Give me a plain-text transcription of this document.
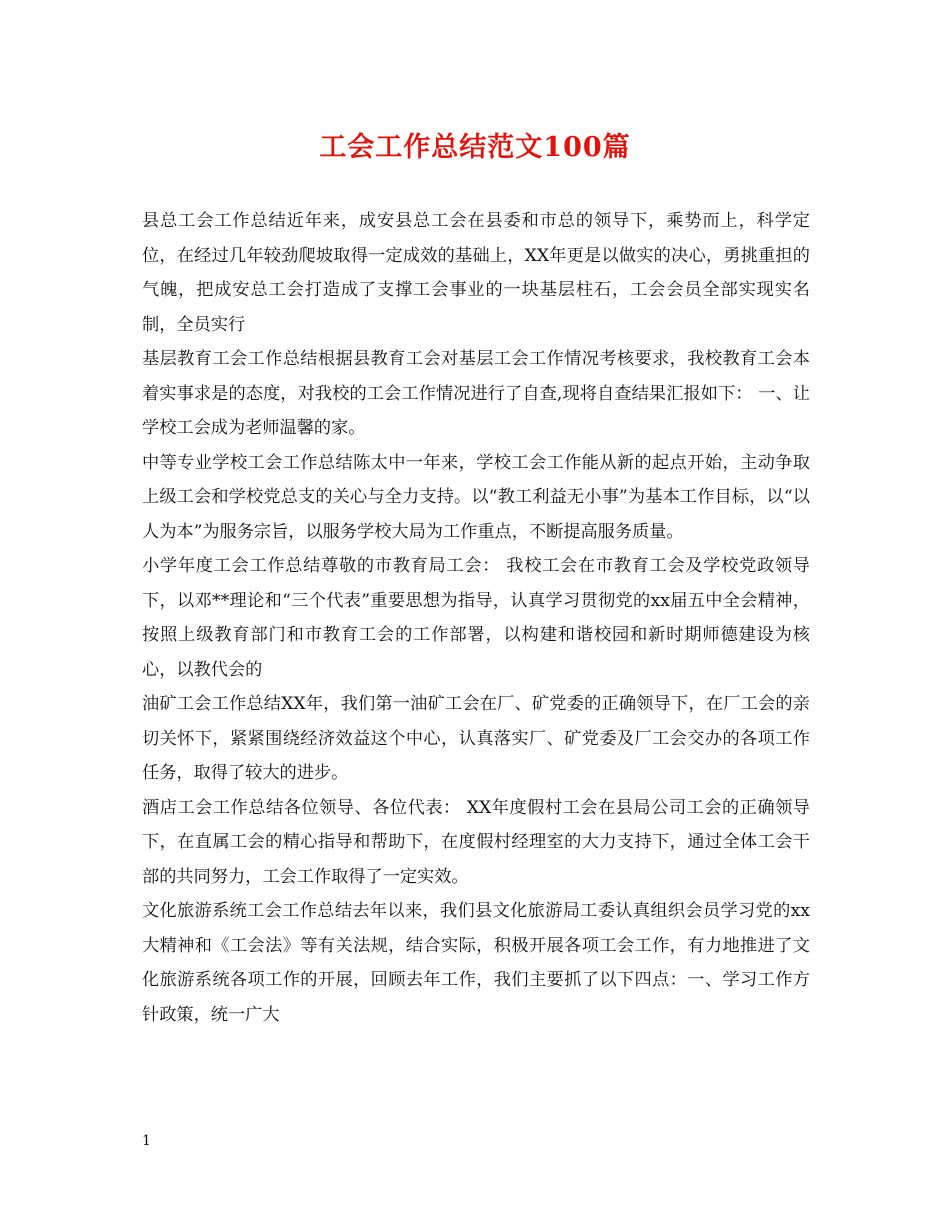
工会工作总结范文100篇

县总工会工作总结近年来，成安县总工会在县委和市总的领导下，乘势而上，科学定位，在经过几年较劲爬坡取得一定成效的基础上，XX年更是以做实的决心，勇挑重担的气魄，把成安总工会打造成了支撑工会事业的一块基层柱石，工会会员全部实现实名制，全员实行

基层教育工会工作总结根据县教育工会对基层工会工作情况考核要求，我校教育工会本着实事求是的态度，对我校的工会工作情况进行了自查,现将自查结果汇报如下： 一、让学校工会成为老师温馨的家。

中等专业学校工会工作总结陈太中一年来，学校工会工作能从新的起点开始，主动争取上级工会和学校党总支的关心与全力支持。以“教工利益无小事”为基本工作目标，以“以人为本”为服务宗旨，以服务学校大局为工作重点，不断提高服务质量。

小学年度工会工作总结尊敬的市教育局工会： 我校工会在市教育工会及学校党政领导下，以邓**理论和“三个代表”重要思想为指导，认真学习贯彻党的xx届五中全会精神，按照上级教育部门和市教育工会的工作部署，以构建和谐校园和新时期师德建设为核心，以教代会的

油矿工会工作总结XX年，我们第一油矿工会在厂、矿党委的正确领导下，在厂工会的亲切关怀下，紧紧围绕经济效益这个中心，认真落实厂、矿党委及厂工会交办的各项工作任务，取得了较大的进步。

酒店工会工作总结各位领导、各位代表： XX年度假村工会在县局公司工会的正确领导下，在直属工会的精心指导和帮助下，在度假村经理室的大力支持下，通过全体工会干部的共同努力，工会工作取得了一定实效。

文化旅游系统工会工作总结去年以来，我们县文化旅游局工委认真组织会员学习党的xx大精神和《工会法》等有关法规，结合实际，积极开展各项工会工作，有力地推进了文化旅游系统各项工作的开展，回顾去年工作，我们主要抓了以下四点：一、学习工作方针政策，统一广大

1
